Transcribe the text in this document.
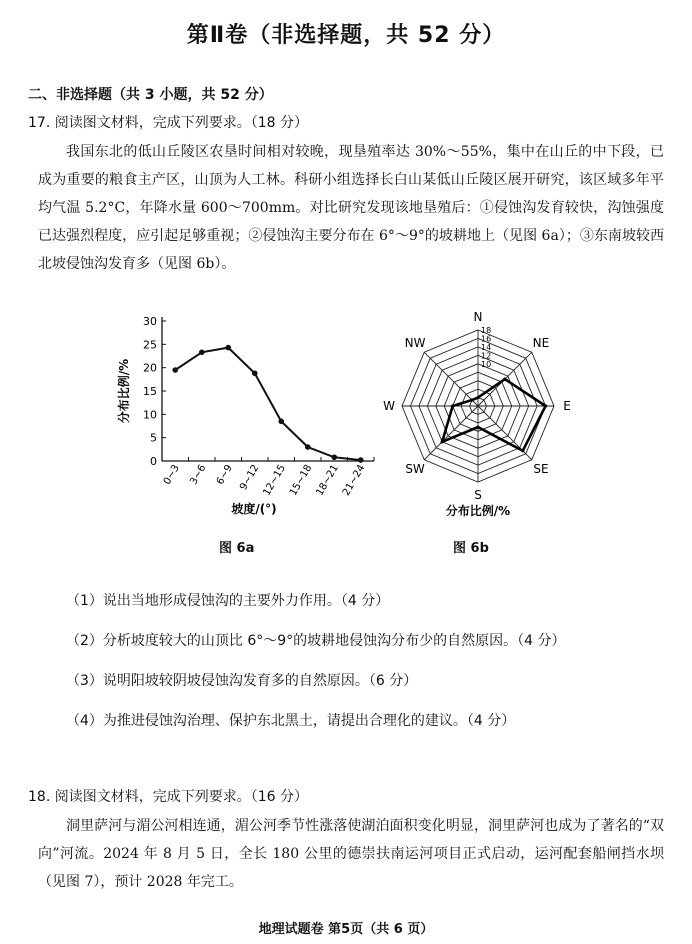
第Ⅱ卷（非选择题，共 52 分）
二、非选择题（共 3 小题，共 52 分）
17. 阅读图文材料，完成下列要求。（18 分）

我国东北的低山丘陵区农垦时间相对较晚，现垦殖率达 30%～55%，集中在山丘的中下段，已成为重要的粮食主产区，山顶为人工林。科研小组选择长白山某低山丘陵区展开研究，该区域多年平均气温 5.2°C，年降水量 600～700mm。对比研究发现该地垦殖后：①侵蚀沟发育较快，沟蚀强度已达强烈程度，应引起足够重视；②侵蚀沟主要分布在 6°～9°的坡耕地上（见图 6a）；③东南坡较西北坡侵蚀沟发育多（见图 6b）。

0
5
10
15
20
25
30
0~3 3~6 6~9 9~12 12~15 15~18 18~21 21~24
分布比例/%
坡度/(°)
图 6a
N
NE
E
SE
S
SW
W
NW
10
12
14
16
18
分布比例/%
图 6b
（1）说出当地形成侵蚀沟的主要外力作用。（4 分）
（2）分析坡度较大的山顶比 6°～9°的坡耕地侵蚀沟分布少的自然原因。（4 分）
（3）说明阳坡较阴坡侵蚀沟发育多的自然原因。（6 分）
（4）为推进侵蚀沟治理、保护东北黑土，请提出合理化的建议。（4 分）
18. 阅读图文材料，完成下列要求。（16 分）

洞里萨河与湄公河相连通，湄公河季节性涨落使湖泊面积变化明显，洞里萨河也成为了著名的“双向”河流。2024 年 8 月 5 日，全长 180 公里的德崇扶南运河项目正式启动，运河配套船闸挡水坝（见图 7），预计 2028 年完工。

地理试题卷 第5页（共 6 页）
